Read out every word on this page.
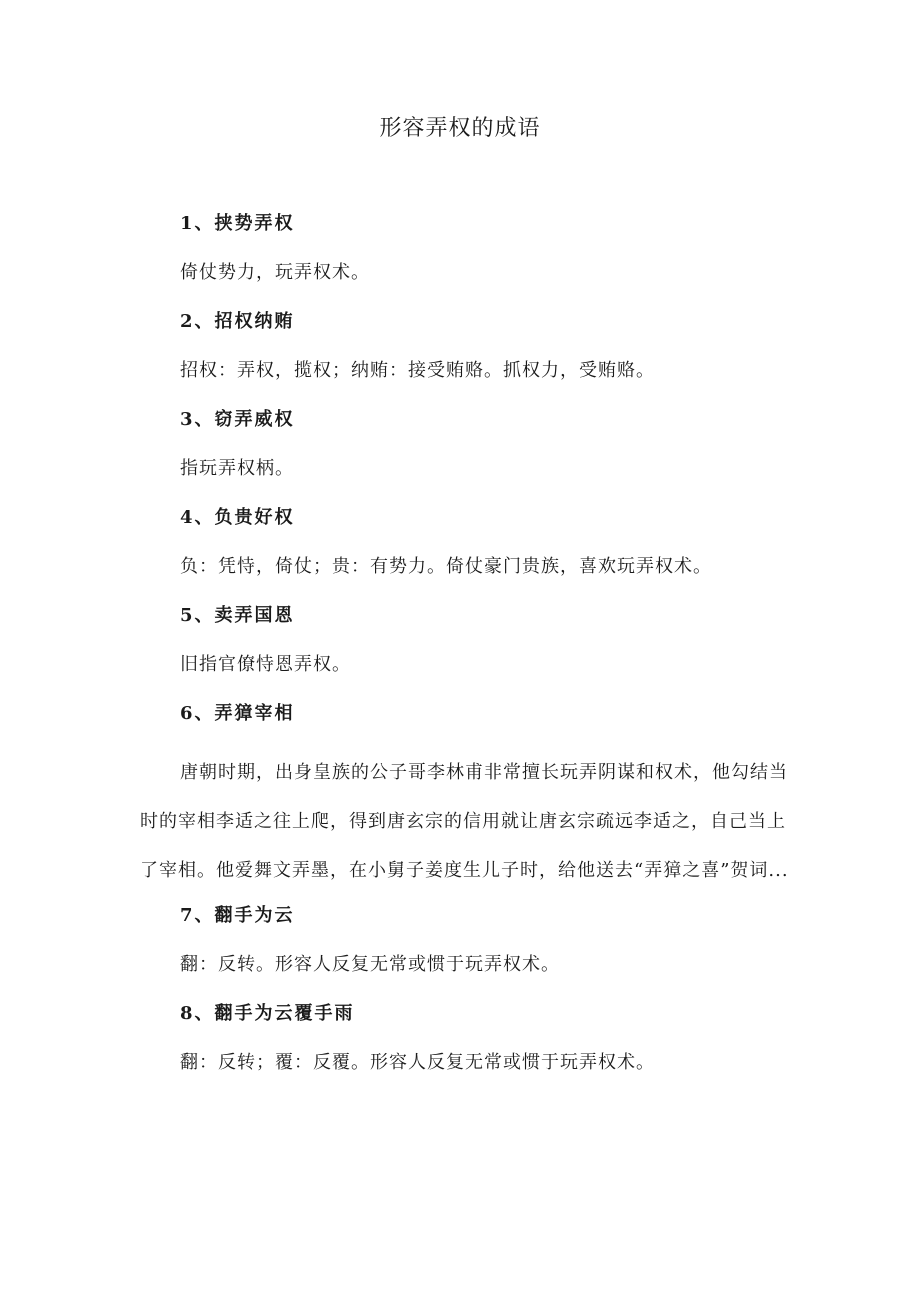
形容弄权的成语
1、挟势弄权
倚仗势力，玩弄权术。
2、招权纳贿
招权：弄权，揽权；纳贿：接受贿赂。抓权力，受贿赂。
3、窃弄威权
指玩弄权柄。
4、负贵好权
负：凭恃，倚仗；贵：有势力。倚仗豪门贵族，喜欢玩弄权术。
5、卖弄国恩
旧指官僚恃恩弄权。
6、弄獐宰相
唐朝时期，出身皇族的公子哥李林甫非常擅长玩弄阴谋和权术，他勾结当时的宰相李适之往上爬，得到唐玄宗的信用就让唐玄宗疏远李适之，自己当上了宰相。他爱舞文弄墨，在小舅子姜度生儿子时，给他送去“弄獐之喜”贺词...
7、翻手为云
翻：反转。形容人反复无常或惯于玩弄权术。
8、翻手为云覆手雨
翻：反转；覆：反覆。形容人反复无常或惯于玩弄权术。
